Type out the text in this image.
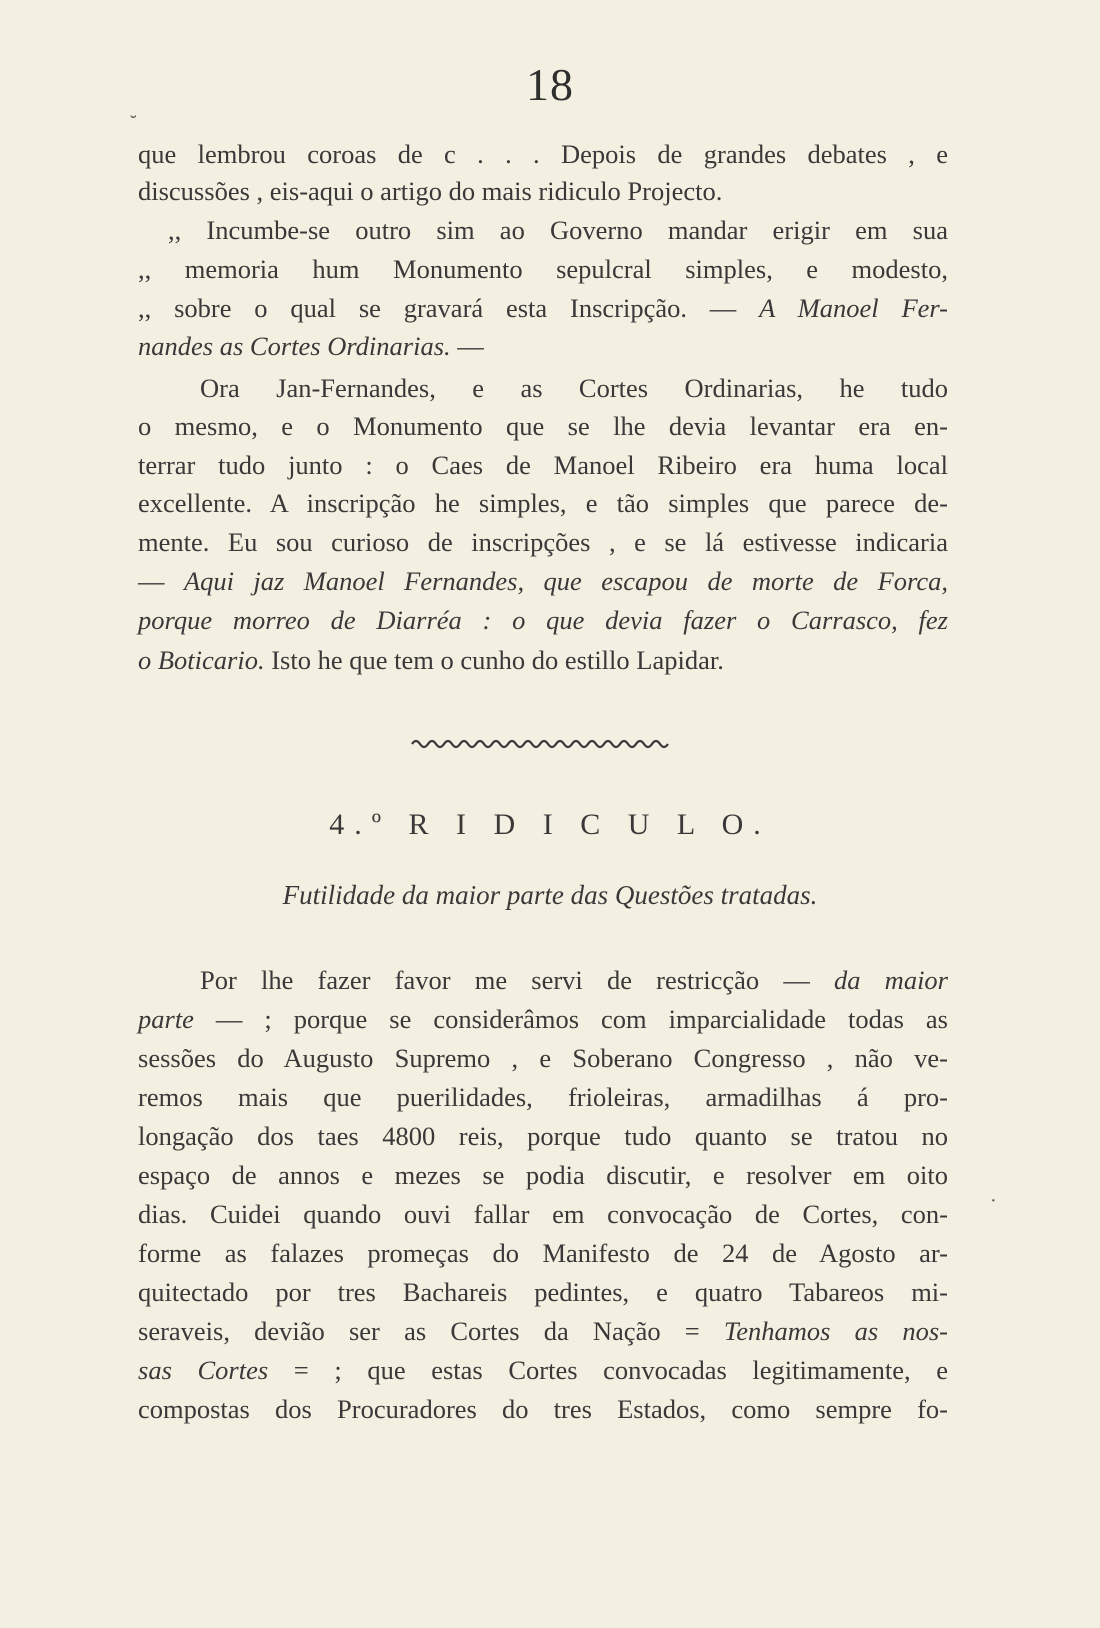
18
que lembrou coroas de c . . . Depois de grandes debates , e
discussões , eis-aqui o artigo do mais ridiculo Projecto.
,, Incumbe-se outro sim ao Governo mandar erigir em sua
,, memoria hum Monumento sepulcral simples, e modesto,
,, sobre o qual se gravará esta Inscripção. — A Manoel Fer-
nandes as Cortes Ordinarias. —
Ora Jan-Fernandes, e as Cortes Ordinarias, he tudo
o mesmo, e o Monumento que se lhe devia levantar era en-
terrar tudo junto : o Caes de Manoel Ribeiro era huma local
excellente. A inscripção he simples, e tão simples que parece de-
mente. Eu sou curioso de inscripções , e se lá estivesse indicaria
— Aqui jaz Manoel Fernandes, que escapou de morte de Forca,
porque morreo de Diarréa : o que devia fazer o Carrasco, fez
o Boticario. Isto he que tem o cunho do estillo Lapidar.
4.º R I D I C U L O.
Futilidade da maior parte das Questões tratadas.
Por lhe fazer favor me servi de restricção — da maior
parte — ; porque se considerâmos com imparcialidade todas as
sessões do Augusto Supremo , e Soberano Congresso , não ve-
remos mais que puerilidades, frioleiras, armadilhas á pro-
longação dos taes 4800 reis, porque tudo quanto se tratou no
espaço de annos e mezes se podia discutir, e resolver em oito
dias. Cuidei quando ouvi fallar em convocação de Cortes, con-
forme as falazes promeças do Manifesto de 24 de Agosto ar-
quitectado por tres Bachareis pedintes, e quatro Tabareos mi-
seraveis, devião ser as Cortes da Nação = Tenhamos as nos-
sas Cortes = ; que estas Cortes convocadas legitimamente, e
compostas dos Procuradores do tres Estados, como sempre fo-
˘
·
